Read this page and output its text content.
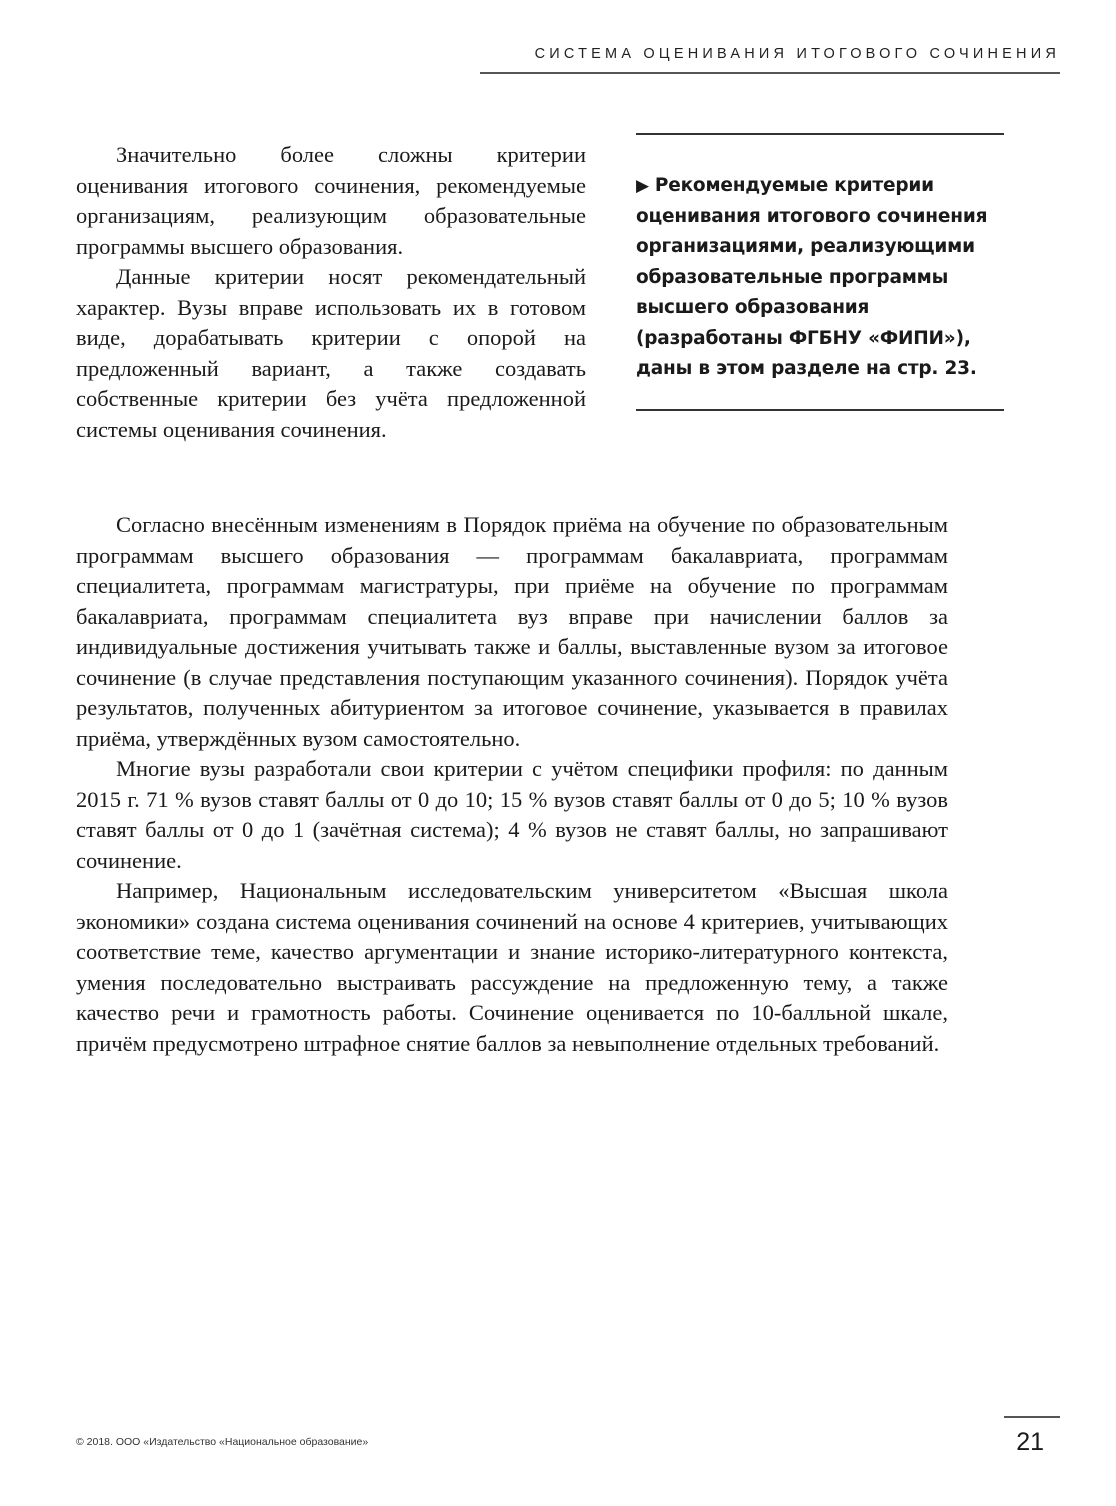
СИСТЕМА ОЦЕНИВАНИЯ ИТОГОВОГО СОЧИНЕНИЯ

Значительно более сложны критерии оценивания итогового сочинения, рекомендуемые организациям, реализующим образовательные программы высшего образования.

Данные критерии носят рекомендательный характер. Вузы вправе использовать их в готовом виде, дорабатывать критерии с опорой на предложенный вариант, а также создавать собственные критерии без учёта предложенной системы оценивания сочинения.

▶ Рекомендуемые критерии оценивания итогового сочинения организациями, реализующими образовательные программы высшего образования (разработаны ФГБНУ «ФИПИ»), даны в этом разделе на стр. 23.

Согласно внесённым изменениям в Порядок приёма на обучение по образовательным программам высшего образования — программам бакалавриата, программам специалитета, программам магистратуры, при приёме на обучение по программам бакалавриата, программам специалитета вуз вправе при начислении баллов за индивидуальные достижения учитывать также и баллы, выставленные вузом за итоговое сочинение (в случае представления поступающим указанного сочинения). Порядок учёта результатов, полученных абитуриентом за итоговое сочинение, указывается в правилах приёма, утверждённых вузом самостоятельно.

Многие вузы разработали свои критерии с учётом специфики профиля: по данным 2015 г. 71 % вузов ставят баллы от 0 до 10; 15 % вузов ставят баллы от 0 до 5; 10 % вузов ставят баллы от 0 до 1 (зачётная система); 4 % вузов не ставят баллы, но запрашивают сочинение.

Например, Национальным исследовательским университетом «Высшая школа экономики» создана система оценивания сочинений на основе 4 критериев, учитывающих соответствие теме, качество аргументации и знание историко-литературного контекста, умения последовательно выстраивать рассуждение на предложенную тему, а также качество речи и грамотность работы. Сочинение оценивается по 10-балльной шкале, причём предусмотрено штрафное снятие баллов за невыполнение отдельных требований.

© 2018. ООО «Издательство «Национальное образование»	21
